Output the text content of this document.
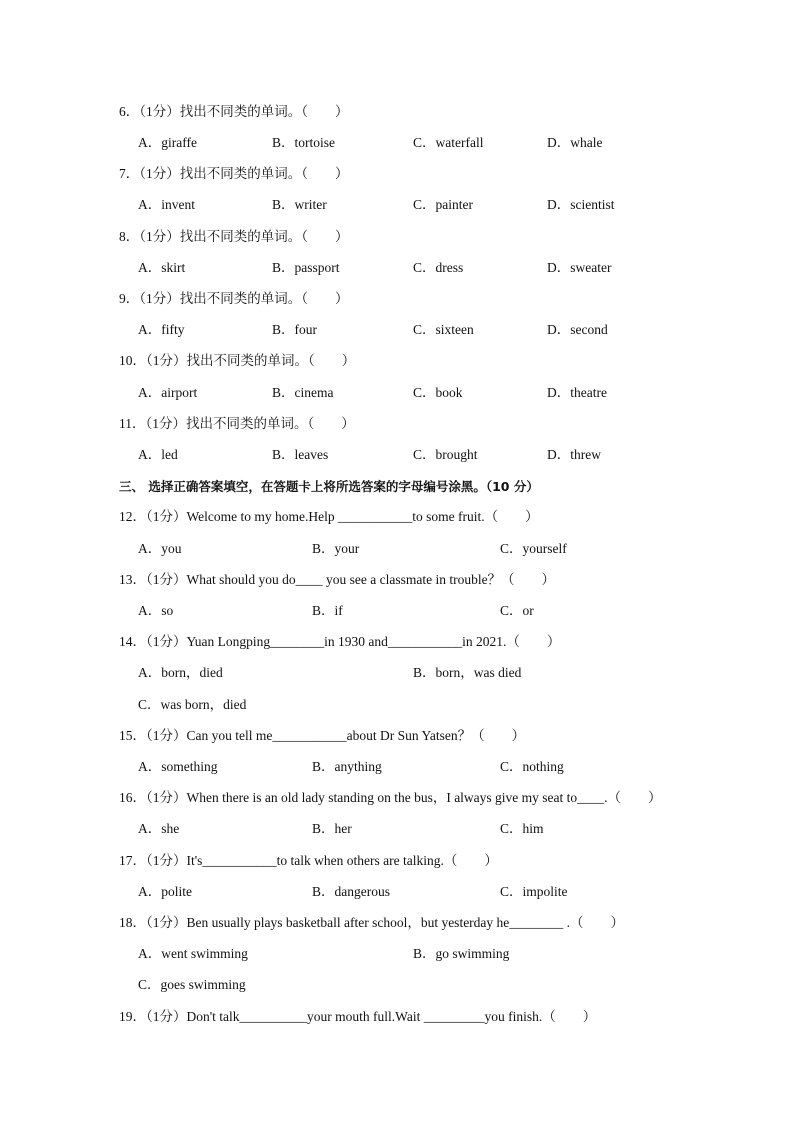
6．（1分）找出不同类的单词。（　　）
A．giraffe	B．tortoise	C．waterfall	D．whale
7．（1分）找出不同类的单词。（　　）
A．invent	B．writer	C．painter	D．scientist
8．（1分）找出不同类的单词。（　　）
A．skirt	B．passport	C．dress	D．sweater
9．（1分）找出不同类的单词。（　　）
A．fifty	B．four	C．sixteen	D．second
10．（1分）找出不同类的单词。（　　）
A．airport	B．cinema	C．book	D．theatre
11．（1分）找出不同类的单词。（　　）
A．led	B．leaves	C．brought	D．threw
三、 选择正确答案填空，在答题卡上将所选答案的字母编号涂黑。（10 分）
12．（1分）Welcome to my home.Help ___________to some fruit.（　　）
A．you	B．your	C．yourself
13．（1分）What should you do____ you see a classmate in trouble？（　　）
A．so	B．if	C．or
14．（1分）Yuan Longping________in 1930 and___________in 2021.（　　）
A．born，died	B．born，was died
C．was born，died
15．（1分）Can you tell me___________about Dr Sun Yatsen？（　　）
A．something	B．anything	C．nothing
16．（1分）When there is an old lady standing on the bus，I always give my seat to____.（　　）
A．she	B．her	C．him
17．（1分）It's___________to talk when others are talking.（　　）
A．polite	B．dangerous	C．impolite
18．（1分）Ben usually plays basketball after school，but yesterday he________ .（　　）
A．went swimming	B．go swimming
C．goes swimming
19．（1分）Don't talk__________your mouth full.Wait _________you finish.（　　）
